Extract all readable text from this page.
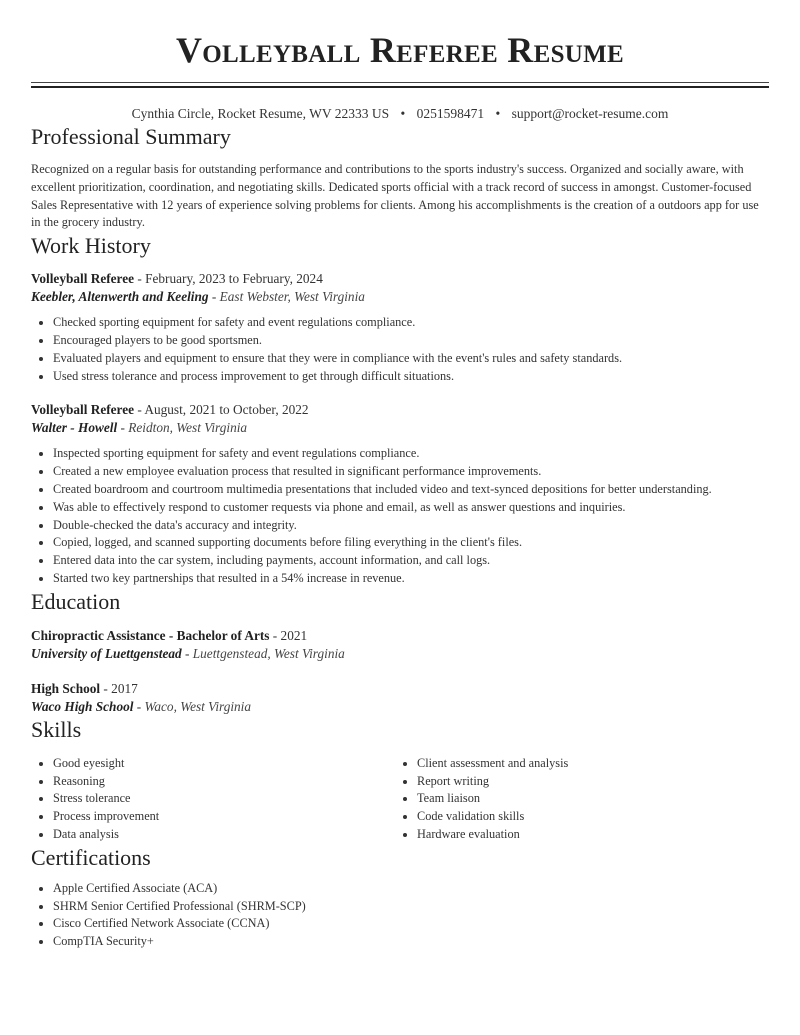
Volleyball Referee Resume
Cynthia Circle, Rocket Resume, WV 22333 US • 0251598471 • support@rocket-resume.com
Professional Summary

Recognized on a regular basis for outstanding performance and contributions to the sports industry's success. Organized and socially aware, with excellent prioritization, coordination, and negotiating skills. Dedicated sports official with a track record of success in amongst. Customer-focused Sales Representative with 12 years of experience solving problems for clients. Among his accomplishments is the creation of a outdoors app for use in the grocery industry.

Work History
Volleyball Referee - February, 2023 to February, 2024
Keebler, Altenwerth and Keeling - East Webster, West Virginia
• Checked sporting equipment for safety and event regulations compliance.
• Encouraged players to be good sportsmen.
• Evaluated players and equipment to ensure that they were in compliance with the event's rules and safety standards.
• Used stress tolerance and process improvement to get through difficult situations.
Volleyball Referee - August, 2021 to October, 2022
Walter - Howell - Reidton, West Virginia
• Inspected sporting equipment for safety and event regulations compliance.
• Created a new employee evaluation process that resulted in significant performance improvements.
• Created boardroom and courtroom multimedia presentations that included video and text-synced depositions for better understanding.
• Was able to effectively respond to customer requests via phone and email, as well as answer questions and inquiries.
• Double-checked the data's accuracy and integrity.
• Copied, logged, and scanned supporting documents before filing everything in the client's files.
• Entered data into the car system, including payments, account information, and call logs.
• Started two key partnerships that resulted in a 54% increase in revenue.
Education
Chiropractic Assistance - Bachelor of Arts - 2021
University of Luettgenstead - Luettgenstead, West Virginia
High School - 2017
Waco High School - Waco, West Virginia
Skills
• Good eyesight
• Reasoning
• Stress tolerance
• Process improvement
• Data analysis
• Client assessment and analysis
• Report writing
• Team liaison
• Code validation skills
• Hardware evaluation
Certifications
• Apple Certified Associate (ACA)
• SHRM Senior Certified Professional (SHRM-SCP)
• Cisco Certified Network Associate (CCNA)
• CompTIA Security+
